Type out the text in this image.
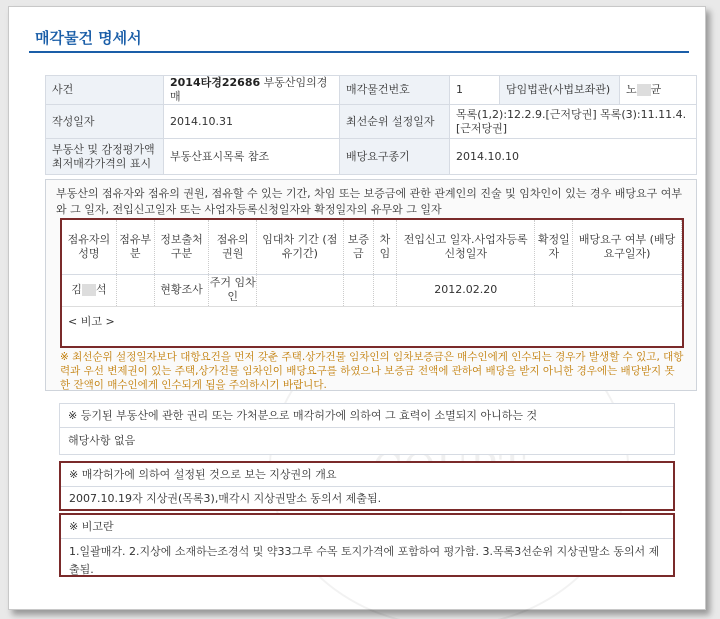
매각물건 명세서
사건	2014타경22686 부동산임의경매	매각물건번호	1	담임법관(사법보좌관)	노 균
작성일자	2014.10.31	최선순위 설정일자	목록(1,2):12.2.9.[근저당권] 목록(3):11.11.4.[근저당권]		
부동산 및 감정평가액 최저매각가격의 표시	부동산표시목록 참조	배당요구종기	2014.10.10		
부동산의 점유자와 점유의 권원, 점유할 수 있는 기간, 차임 또는 보증금에 관한 관계인의 진술 및 임차인이 있는 경우 배당요구 여부와 그 일자, 전입신고일자 또는 사업자등록신청일자와 확정일자의 유무와 그 일자
점유자의 성명	점유부분	정보출처 구분	점유의 권원	임대차 기간 (점유기간)	보증금	차임	전입신고 일자.사업자등록신청일자	확정일자	배당요구 여부 (배당요구일자)
김 석		현황조사	주거 임차인				2012.02.20		
< 비고 >
※ 최선순위 설정일자보다 대항요건을 먼저 갖춘 주택.상가건물 임차인의 임차보증금은 매수인에게 인수되는 경우가 발생할 수 있고, 대항력과 우선 변제권이 있는 주택,상가건물 임차인이 배당요구를 하였으나 보증금 전액에 관하여 배당을 받지 아니한 경우에는 배당받지 못한 잔액이 매수인에게 인수되게 됨을 주의하시기 바랍니다.
※ 등기된 부동산에 관한 권리 또는 가처분으로 매각허가에 의하여 그 효력이 소멸되지 아니하는 것
해당사항 없음
※ 매각허가에 의하여 설정된 것으로 보는 지상권의 개요
2007.10.19자 지상권(목록3),매각시 지상권말소 동의서 제출됨.
※ 비고란
1.일괄매각. 2.지상에 소재하는조경석 및 약33그루 수목 토지가격에 포함하여 평가함. 3.목록3선순위 지상권말소 동의서 제출됨.
